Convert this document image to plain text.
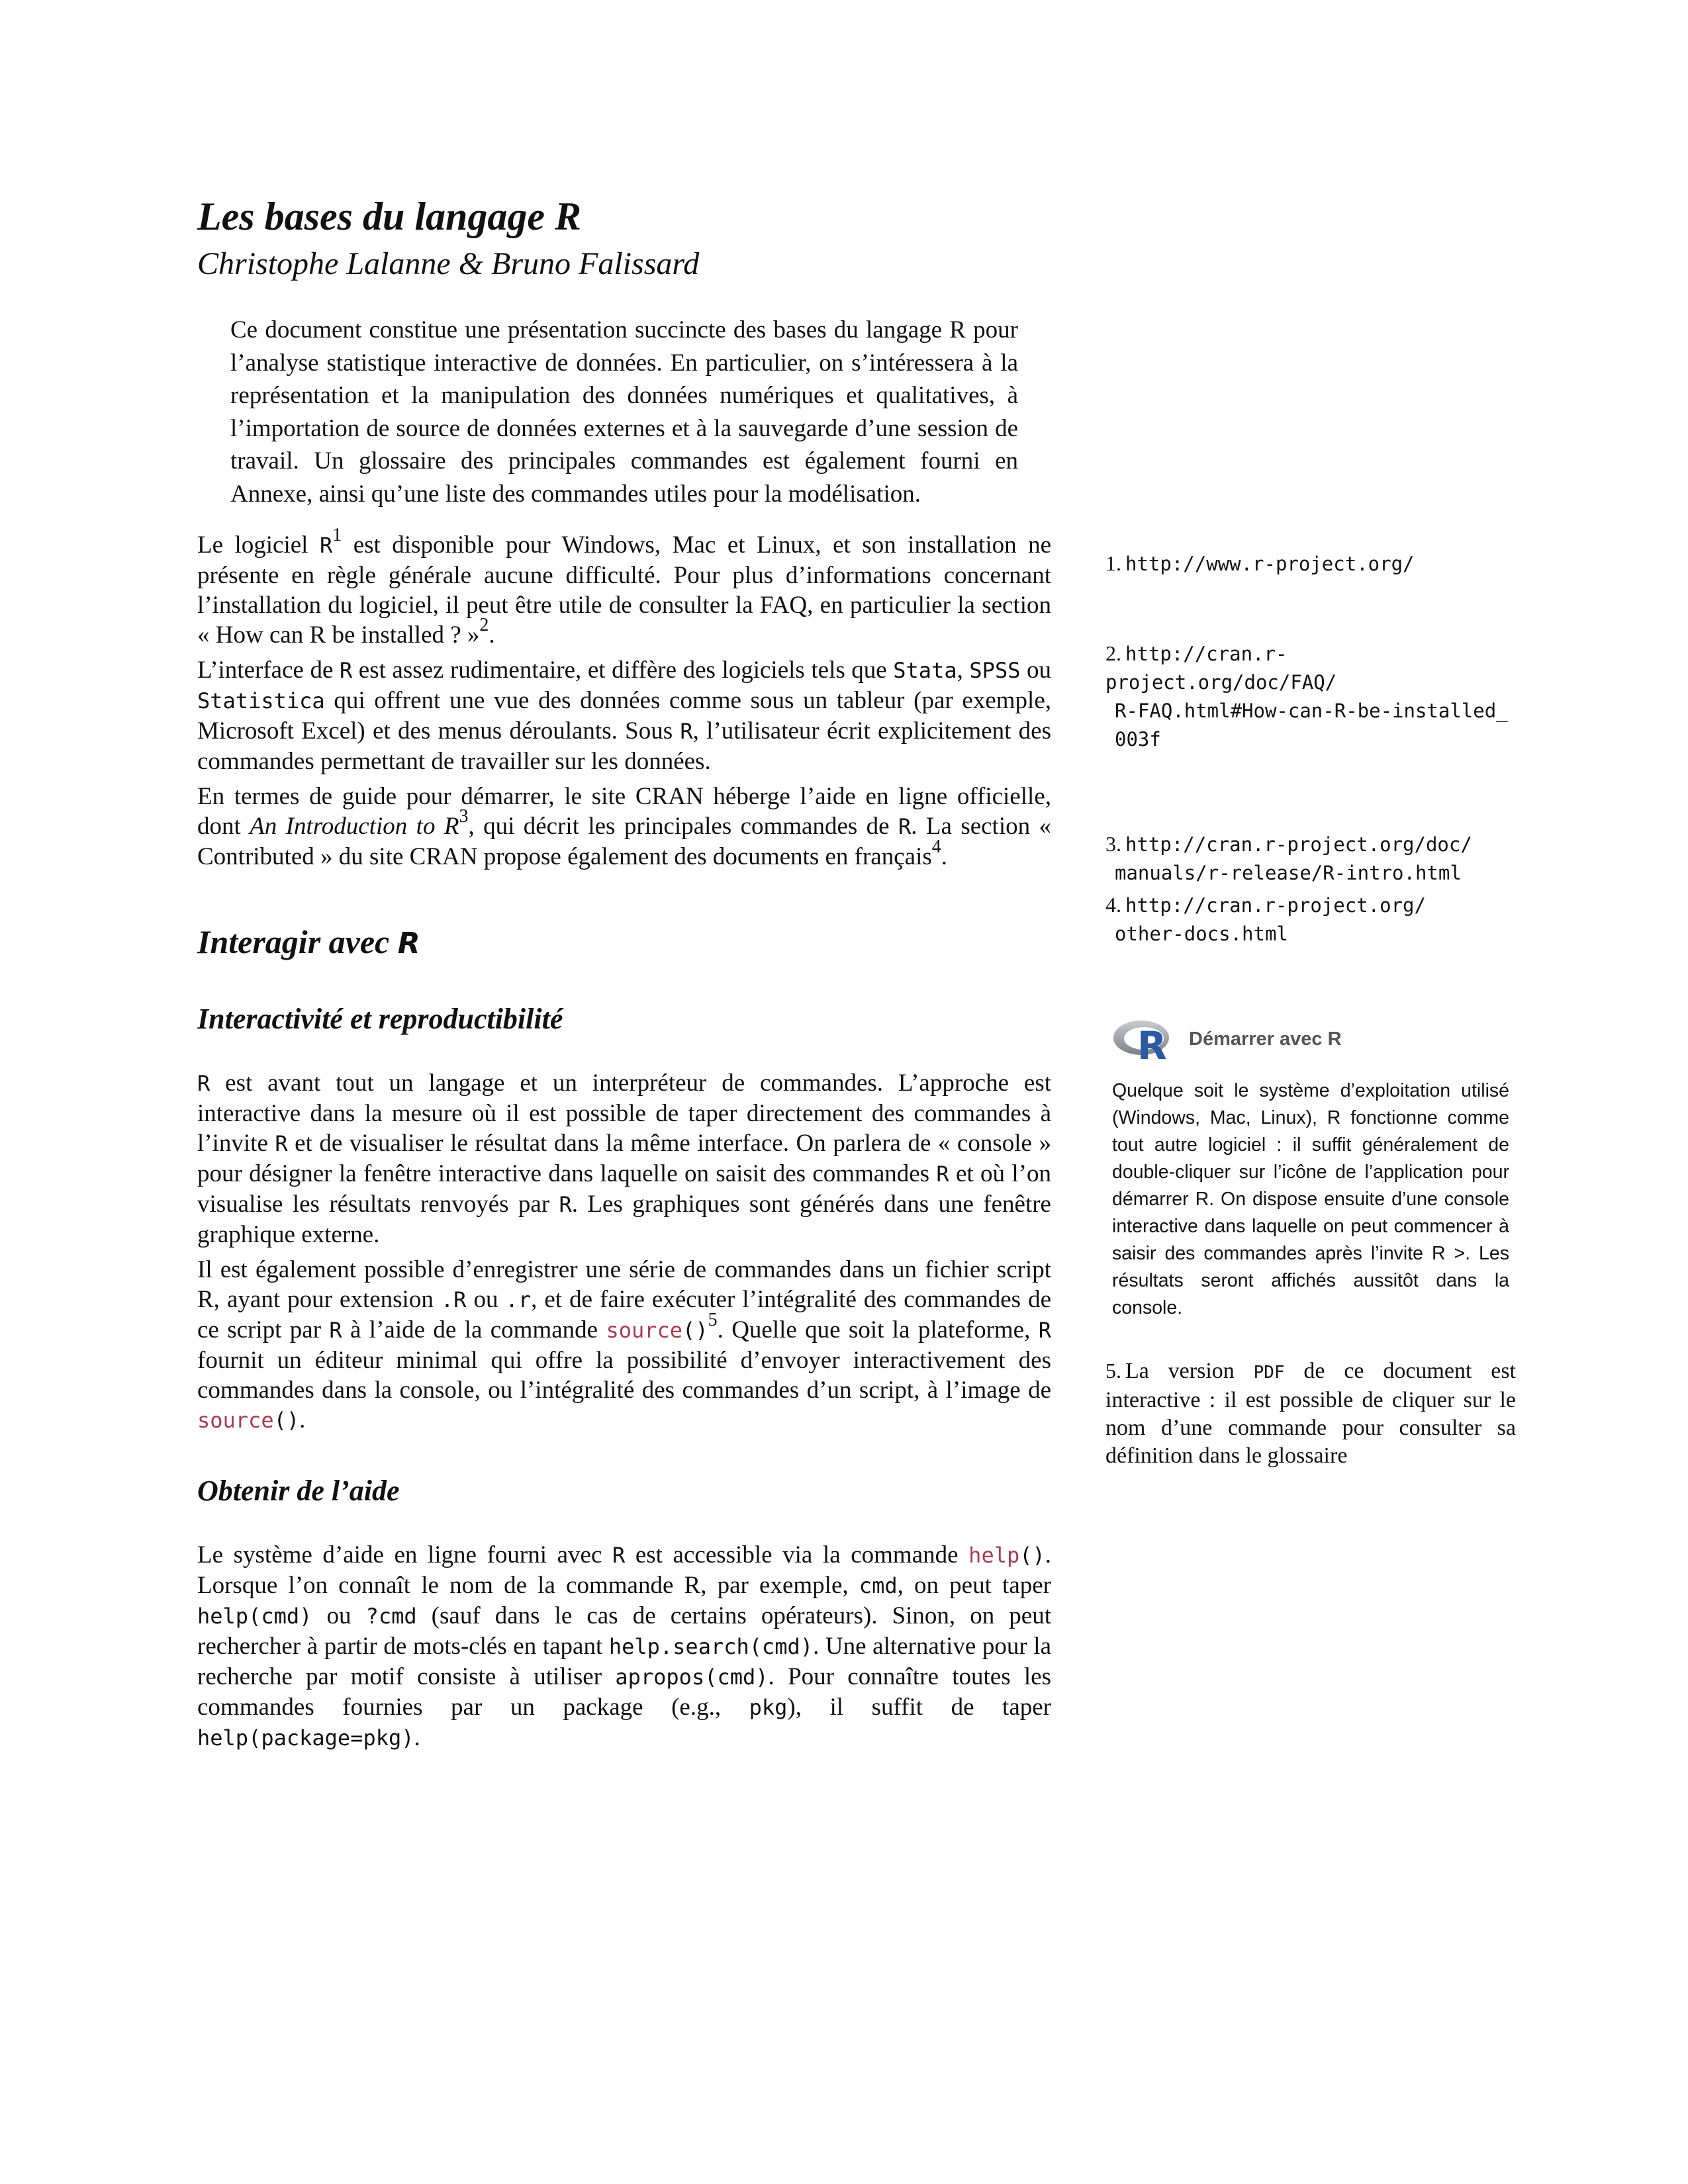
Les bases du langage R
Christophe Lalanne & Bruno Falissard
Ce document constitue une présentation succincte des bases du langage R pour l’analyse statistique interactive de données. En particulier, on s’intéressera à la représentation et la manipulation des données numériques et qualitatives, à l’importation de source de données externes et à la sauvegarde d’une session de travail. Un glossaire des principales commandes est également fourni en Annexe, ainsi qu’une liste des commandes utiles pour la modélisation.

Le logiciel R$^1$ est disponible pour Windows, Mac et Linux, et son installation ne présente en règle générale aucune difficulté. Pour plus d’informations concernant l’installation du logiciel, il peut être utile de consulter la FAQ, en particulier la section « How can R be installed ? »$^2$.

L’interface de R est assez rudimentaire, et diffère des logiciels tels que Stata, SPSS ou Statistica qui offrent une vue des données comme sous un tableur (par exemple, Microsoft Excel) et des menus déroulants. Sous R, l’utilisateur écrit explicitement des commandes permettant de travailler sur les données.

En termes de guide pour démarrer, le site CRAN héberge l’aide en ligne officielle, dont An Introduction to R$^3$, qui décrit les principales commandes de R. La section « Contributed » du site CRAN propose également des documents en français$^4$.

Interagir avec R
Interactivité et reproductibilité

R est avant tout un langage et un interpréteur de commandes. L’approche est interactive dans la mesure où il est possible de taper directement des commandes à l’invite R et de visualiser le résultat dans la même interface. On parlera de « console » pour désigner la fenêtre interactive dans laquelle on saisit des commandes R et où l’on visualise les résultats renvoyés par R. Les graphiques sont générés dans une fenêtre graphique externe.

Il est également possible d’enregistrer une série de commandes dans un fichier script R, ayant pour extension .R ou .r, et de faire exécuter l’intégralité des commandes de ce script par R à l’aide de la commande source()$^5$. Quelle que soit la plateforme, R fournit un éditeur minimal qui offre la possibilité d’envoyer interactivement des commandes dans la console, ou l’intégralité des commandes d’un script, à l’image de source().

Obtenir de l’aide

Le système d’aide en ligne fourni avec R est accessible via la commande help(). Lorsque l’on connaît le nom de la commande R, par exemple, cmd, on peut taper help(cmd) ou ?cmd (sauf dans le cas de certains opérateurs). Sinon, on peut rechercher à partir de mots-clés en tapant help.search(cmd). Une alternative pour la recherche par motif consiste à utiliser apropos(cmd). Pour connaître toutes les commandes fournies par un package (e.g., pkg), il suffit de taper help(package=pkg).

1. http://www.r-project.org/
2. http://cran.r-project.org/doc/FAQ/
R-FAQ.html#How-can-R-be-installed_
003f
3. http://cran.r-project.org/doc/
manuals/r-release/R-intro.html
4. http://cran.r-project.org/
other-docs.html
R Démarrer avec R
Quelque soit le système d’exploitation utilisé (Windows, Mac, Linux), R fonctionne comme tout autre logiciel : il suffit généralement de double-cliquer sur l’icône de l’application pour démarrer R. On dispose ensuite d’une console interactive dans laquelle on peut commencer à saisir des commandes après l’invite R >. Les résultats seront affichés aussitôt dans la console.
5. La version PDF de ce document est interactive : il est possible de cliquer sur le nom d’une commande pour consulter sa définition dans le glossaire
